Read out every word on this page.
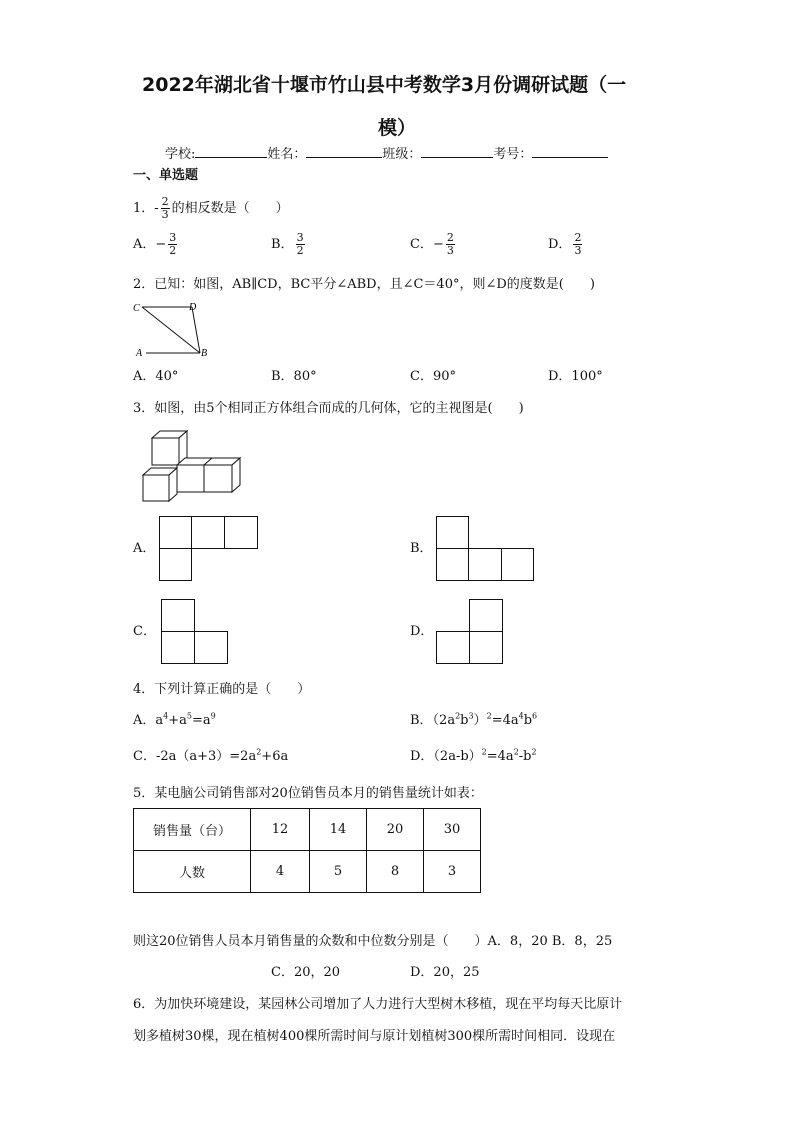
2022年湖北省十堰市竹山县中考数学3月份调研试题（一
模）
学校:	姓名：	班级：	考号：
一、单选题
1．- $\frac{2}{3}$ 的相反数是（　　）
A．− $\frac{3}{2}$	B． $\frac{3}{2}$	C．− $\frac{2}{3}$	D． $\frac{2}{3}$
2．已知：如图，AB∥CD，BC平分∠ABD，且∠C＝40°，则∠D的度数是(　　)
C	D
A	B
A．40°	B．80°	C．90°	D．100°
3．如图，由5个相同正方体组合而成的几何体，它的主视图是(　　)
A．	B．
C．	D．
4．下列计算正确的是（　　）
A．$a^4+a^5=a^9$	B．$(2a^2b^3)^2=4a^4b^6$
C．$-2a(a+3)=2a^2+6a$	D．$(2a-b)^2=4a^2-b^2$
5．某电脑公司销售部对20位销售员本月的销售量统计如表：
销售量（台）	12	14	20	30
人数	4	5	8	3
则这20位销售人员本月销售量的众数和中位数分别是（　　）A．8，20 B．8，25
C．20，20	D．20，25
6．为加快环境建设，某园林公司增加了人力进行大型树木移植，现在平均每天比原计
划多植树30棵，现在植树400棵所需时间与原计划植树300棵所需时间相同．设现在
